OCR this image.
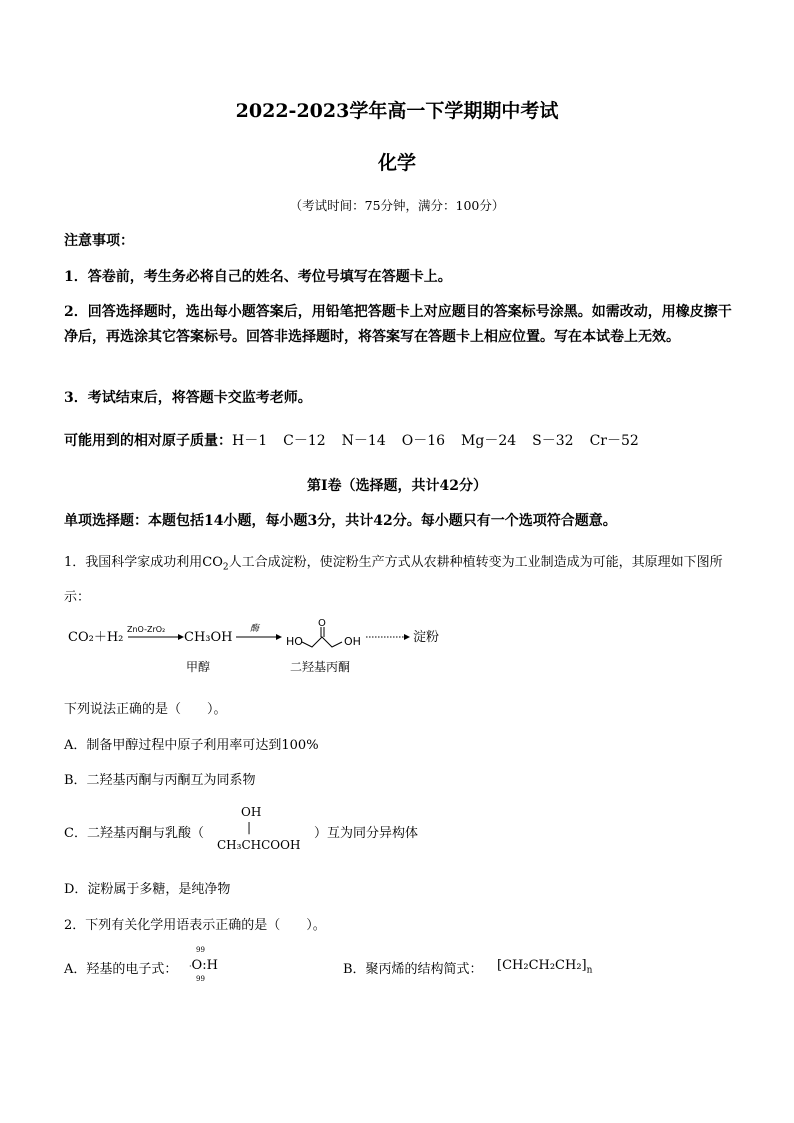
2022-2023学年高一下学期期中考试
化学
（考试时间：75分钟，满分：100分）
注意事项：
1．答卷前，考生务必将自己的姓名、考位号填写在答题卡上。
2．回答选择题时，选出每小题答案后，用铅笔把答题卡上对应题目的答案标号涂黑。如需改动，用橡皮擦干净后，再选涂其它答案标号。回答非选择题时，将答案写在答题卡上相应位置。写在本试卷上无效。
3．考试结束后，将答题卡交监考老师。
可能用到的相对原子质量：H－1 C－12 N－14 O－16 Mg－24 S－32 Cr－52
第Ⅰ卷（选择题，共计42分）
单项选择题：本题包括14小题，每小题3分，共计42分。每小题只有一个选项符合题意。
1．我国科学家成功利用$CO_2$人工合成淀粉，使淀粉生产方式从农耕种植转变为工业制造成为可能，其原理如下图所示：
CO₂＋H₂
ZnO-ZrO₂
CH₃OH
甲醇
酶
HO
O
OH
二羟基丙酮
淀粉
下列说法正确的是（　　）。
A．制备甲醇过程中原子利用率可达到100%
B．二羟基丙酮与丙酮互为同系物
C．二羟基丙酮与乳酸（
OH
|
CH₃CHCOOH
）互为同分异构体
D．淀粉属于多糖，是纯净物
2．下列有关化学用语表示正确的是（　　）。
A．羟基的电子式：
99
·O:H
99
B．聚丙烯的结构简式： $[CH_2CH_2CH_2]_n$
